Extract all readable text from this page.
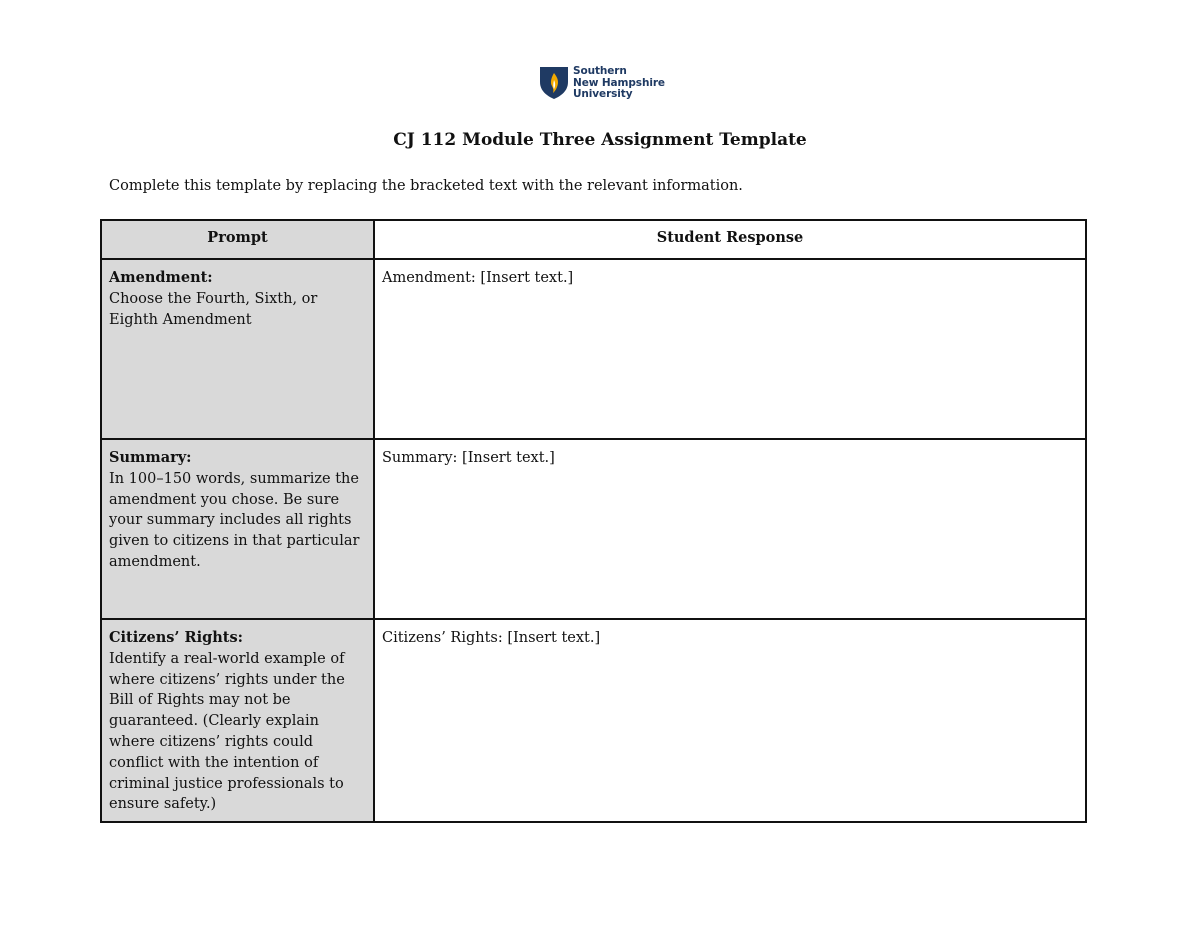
Southern
New Hampshire
University
CJ 112 Module Three Assignment Template
Complete this template by replacing the bracketed text with the relevant information.
Prompt	Student Response

Amendment:
Choose the Fourth, Sixth, or Eighth Amendment	Amendment: [Insert text.]

Summary:
In 100–150 words, summarize the amendment you chose. Be sure your summary includes all rights given to citizens in that particular amendment.	Summary: [Insert text.]

Citizens’ Rights:
Identify a real-world example of where citizens’ rights under the Bill of Rights may not be guaranteed. (Clearly explain where citizens’ rights could conflict with the intention of criminal justice professionals to ensure safety.)	Citizens’ Rights: [Insert text.]
